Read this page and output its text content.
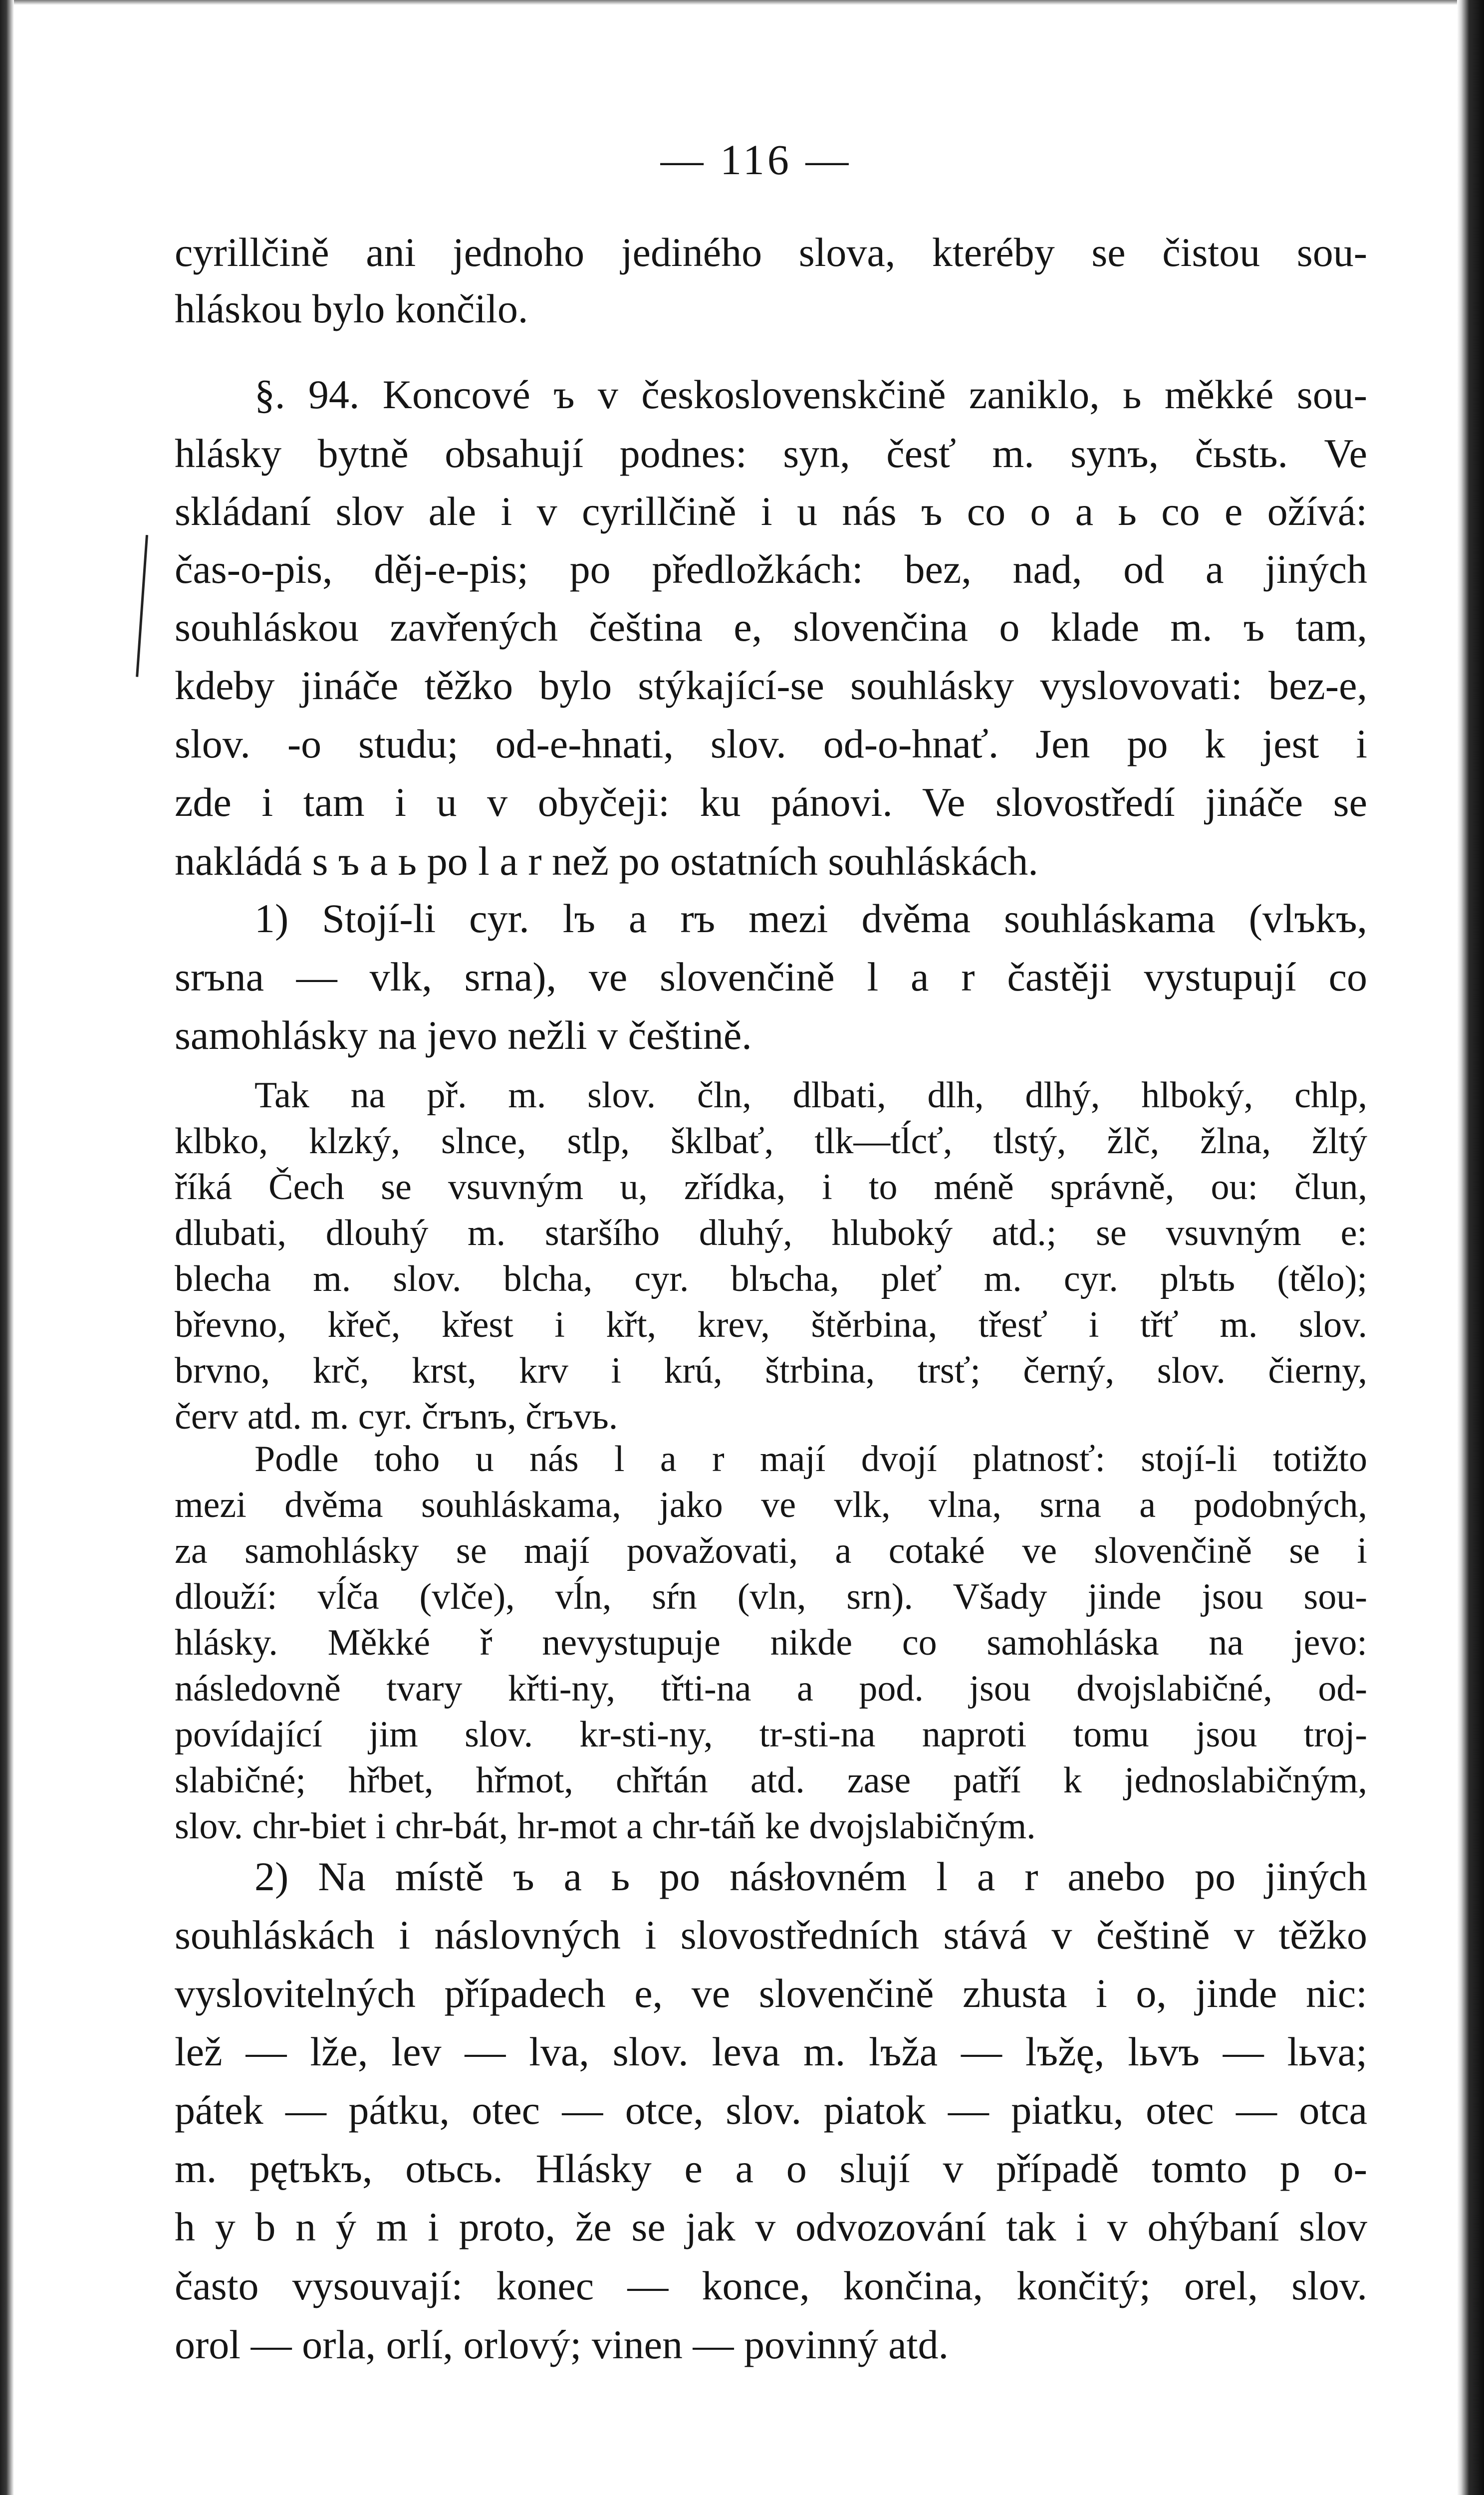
— 116 —
cyrillčině ani jednoho jediného slova, kteréby se čistou sou-
hláskou bylo končilo.
§. 94. Koncové ъ v československčině zaniklo, ь měkké sou-
hlásky bytně obsahují podnes: syn, česť m. synъ, čьstь. Ve
skládaní slov ale i v cyrillčině i u nás ъ co o a ь co e ožívá:
čas-o-pis, děj-e-pis; po předložkách: bez, nad, od a jiných
souhláskou zavřených čeština e, slovenčina o klade m. ъ tam,
kdeby jináče těžko bylo stýkající-se souhlásky vyslovovati: bez-e,
slov. -o studu; od-e-hnati, slov. od-o-hnať. Jen po k jest i
zde i tam i u v obyčeji: ku pánovi. Ve slovostředí jináče se
nakládá s ъ a ь po l a r než po ostatních souhláskách.
1) Stojí-li cyr. lъ a rъ mezi dvěma souhláskama (vlъkъ,
srъna — vlk, srna), ve slovenčině l a r častěji vystupují co
samohlásky na jevo nežli v češtině.
Tak na př. m. slov. čln, dlbati, dlh, dlhý, hlboký, chlp,
klbko, klzký, slnce, stlp, šklbať, tlk—tĺcť, tlstý, žlč, žlna, žltý
říká Čech se vsuvným u, zřídka, i to méně správně, ou: člun,
dlubati, dlouhý m. staršího dluhý, hluboký atd.; se vsuvným e:
blecha m. slov. blcha, cyr. blъcha, pleť m. cyr. plъtь (tělo);
břevno, křeč, křest i křt, krev, štěrbina, třesť i třť m. slov.
brvno, krč, krst, krv i krú, štrbina, trsť; černý, slov. čierny,
červ atd. m. cyr. črъnъ, črъvь.
Podle toho u nás l a r mají dvojí platnosť: stojí-li totižto
mezi dvěma souhláskama, jako ve vlk, vlna, srna a podobných,
za samohlásky se mají považovati, a cotaké ve slovenčině se i
dlouží: vĺča (vlče), vĺn, sŕn (vln, srn). Všady jinde jsou sou-
hlásky. Měkké ř nevystupuje nikde co samohláska na jevo:
následovně tvary křti-ny, třti-na a pod. jsou dvojslabičné, od-
povídající jim slov. kr-sti-ny, tr-sti-na naproti tomu jsou troj-
slabičné; hřbet, hřmot, chřtán atd. zase patří k jednoslabičným,
slov. chr-biet i chr-bát, hr-mot a chr-táň ke dvojslabičným.
2) Na místě ъ a ь po násłovném l a r anebo po jiných
souhláskách i náslovných i slovostředních stává v češtině v těžko
vyslovitelných případech e, ve slovenčině zhusta i o, jinde nic:
lež — lže, lev — lva, slov. leva m. lъža — lъžę, lьvъ — lьva;
pátek — pátku, otec — otce, slov. piatok — piatku, otec — otca
m. pętъkъ, otьcь. Hlásky e a o slují v případě tomto p o-
h y b n ý m i proto, že se jak v odvozování tak i v ohýbaní slov
často vysouvají: konec — konce, končina, končitý; orel, slov.
orol — orla, orlí, orlový; vinen — povinný atd.
